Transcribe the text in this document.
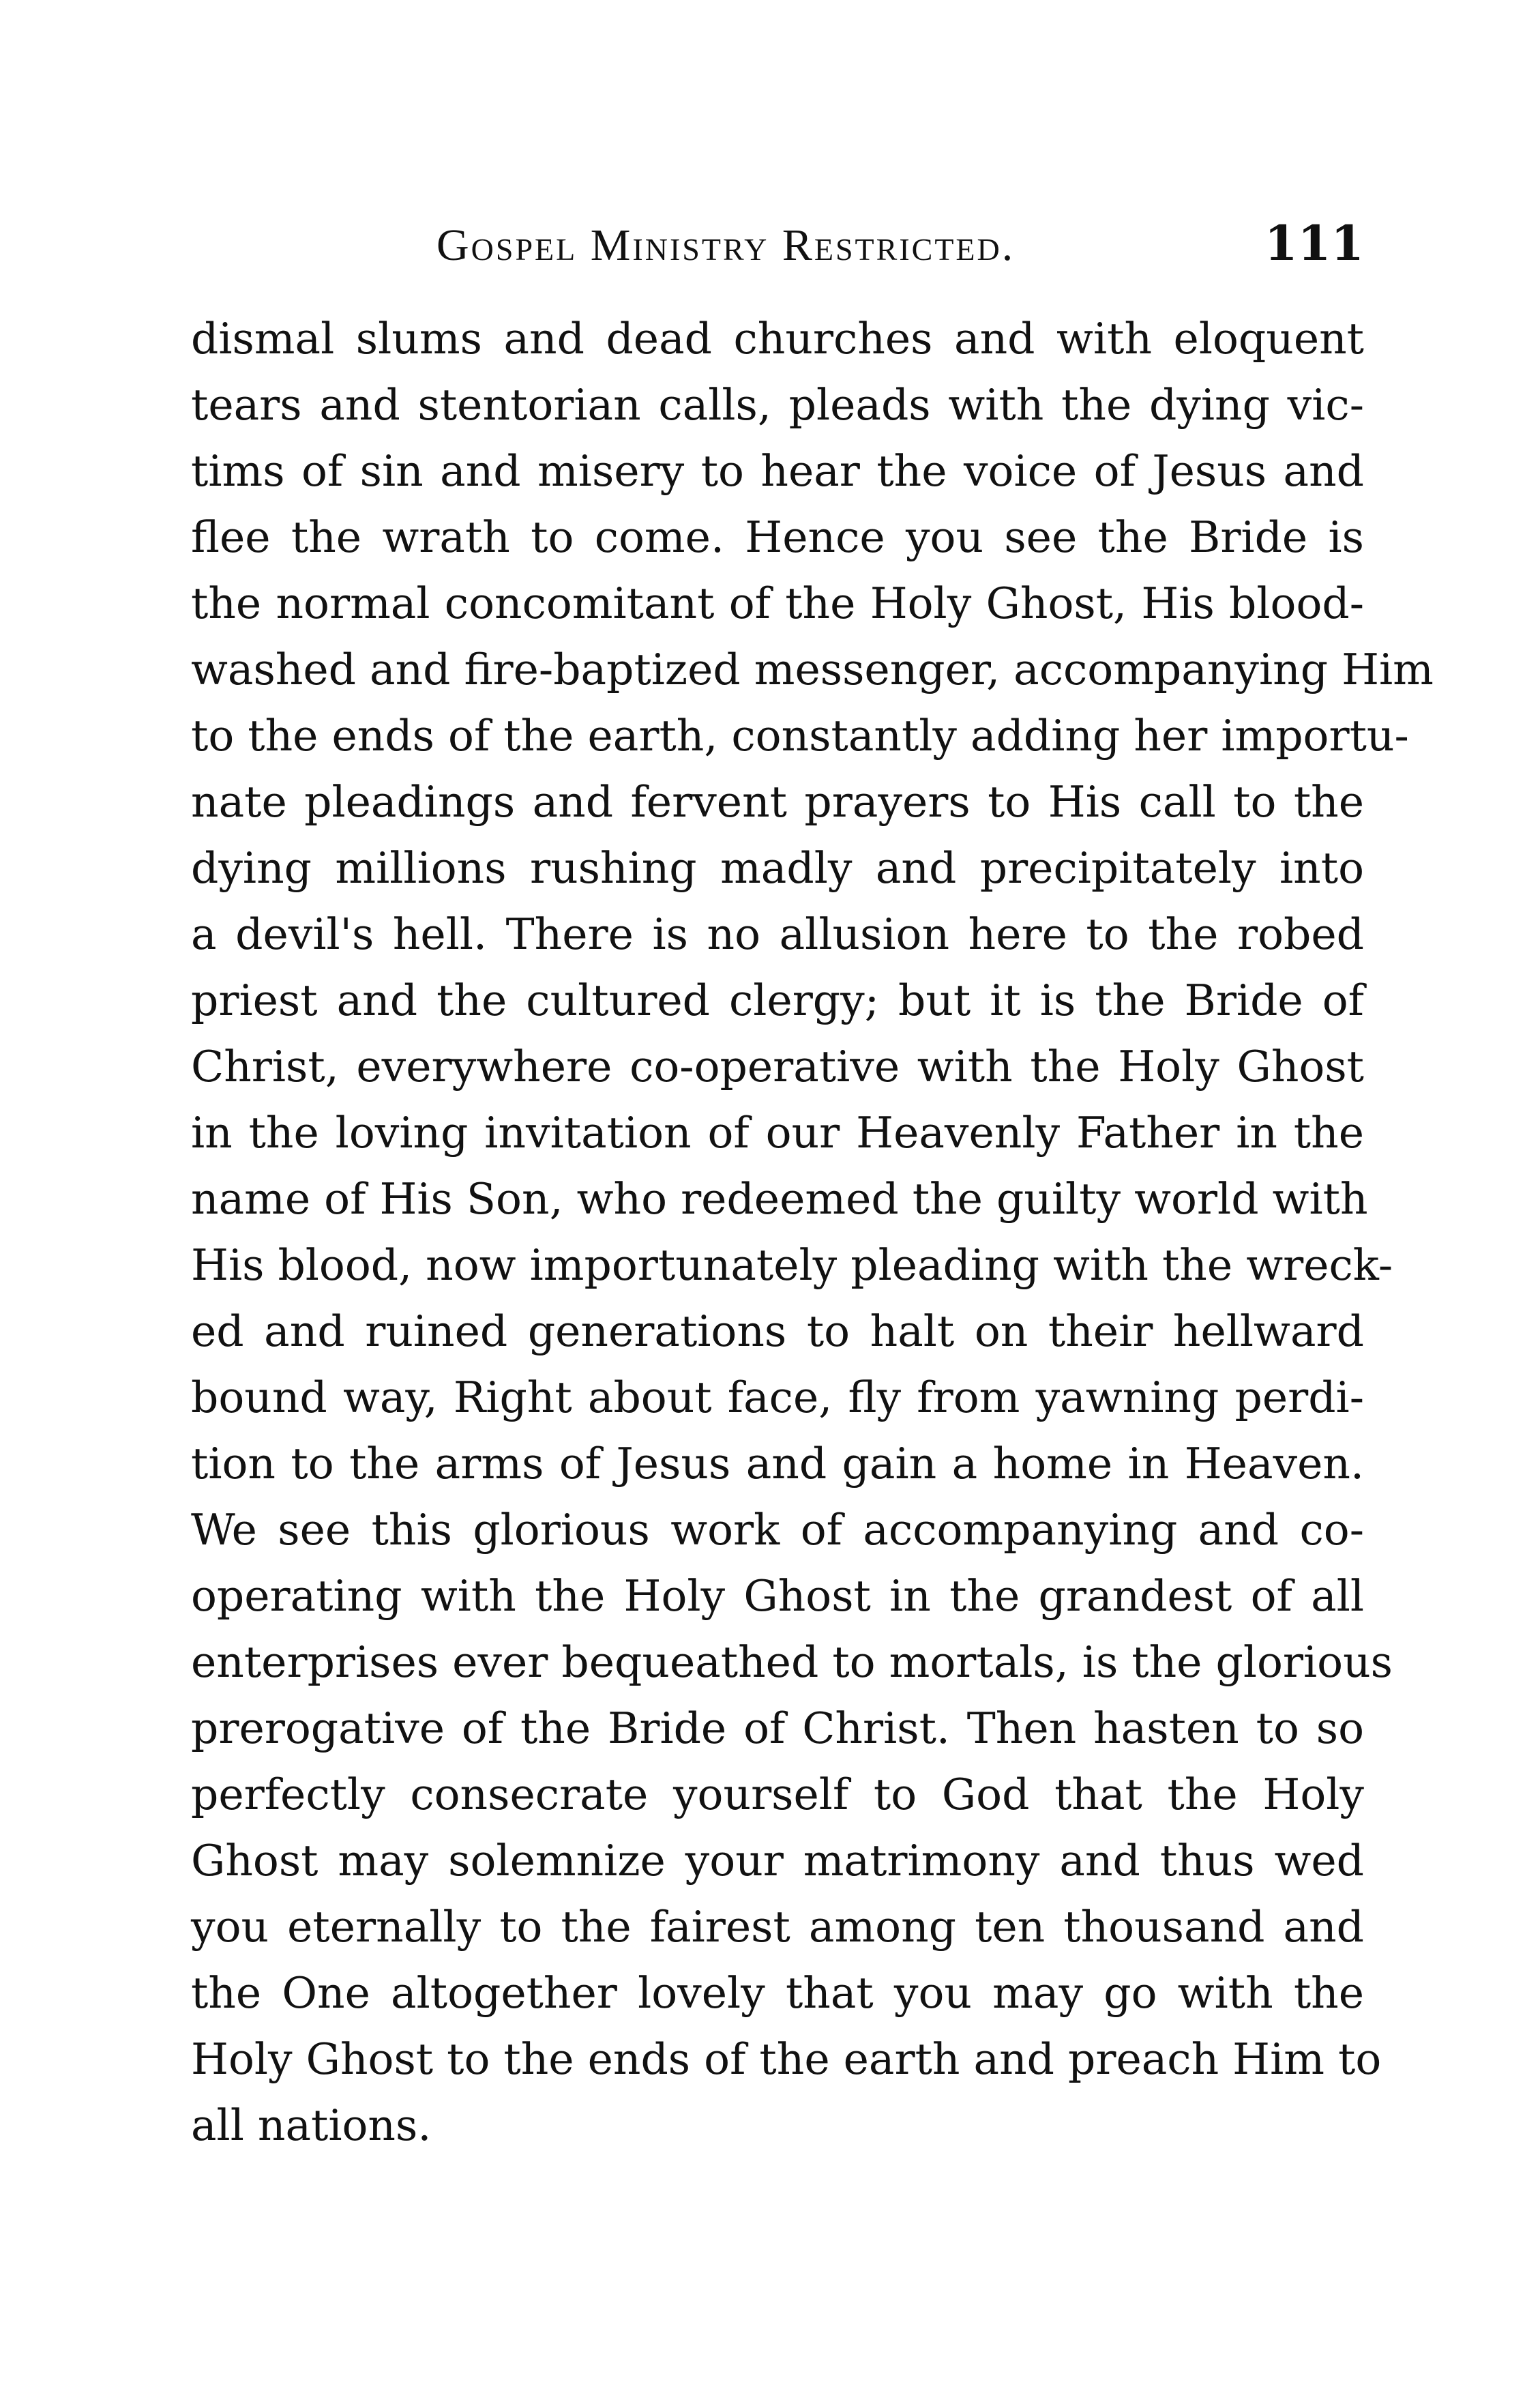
Gospel Ministry Restricted.	111
dismal slums and dead churches and with eloquent
tears and stentorian calls, pleads with the dying vic-
tims of sin and misery to hear the voice of Jesus and
flee the wrath to come. Hence you see the Bride is
the normal concomitant of the Holy Ghost, His blood-
washed and fire-baptized messenger, accompanying Him
to the ends of the earth, constantly adding her importu-
nate pleadings and fervent prayers to His call to the
dying millions rushing madly and precipitately into
a devil's hell. There is no allusion here to the robed
priest and the cultured clergy; but it is the Bride of
Christ, everywhere co-operative with the Holy Ghost
in the loving invitation of our Heavenly Father in the
name of His Son, who redeemed the guilty world with
His blood, now importunately pleading with the wreck-
ed and ruined generations to halt on their hellward
bound way, Right about face, fly from yawning perdi-
tion to the arms of Jesus and gain a home in Heaven.
We see this glorious work of accompanying and co-
operating with the Holy Ghost in the grandest of all
enterprises ever bequeathed to mortals, is the glorious
prerogative of the Bride of Christ. Then hasten to so
perfectly consecrate yourself to God that the Holy
Ghost may solemnize your matrimony and thus wed
you eternally to the fairest among ten thousand and
the One altogether lovely that you may go with the
Holy Ghost to the ends of the earth and preach Him to
all nations.
